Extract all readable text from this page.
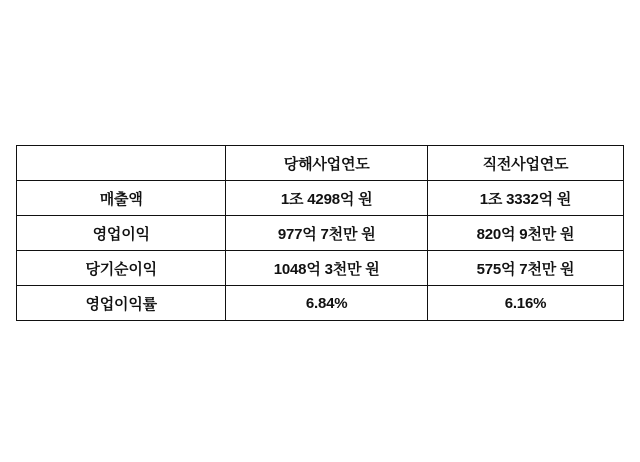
	당해사업연도	직전사업연도
매출액	1조 4298억 원	1조 3332억 원
영업이익	977억 7천만 원	820억 9천만 원
당기순이익	1048억 3천만 원	575억 7천만 원
영업이익률	6.84%	6.16%
